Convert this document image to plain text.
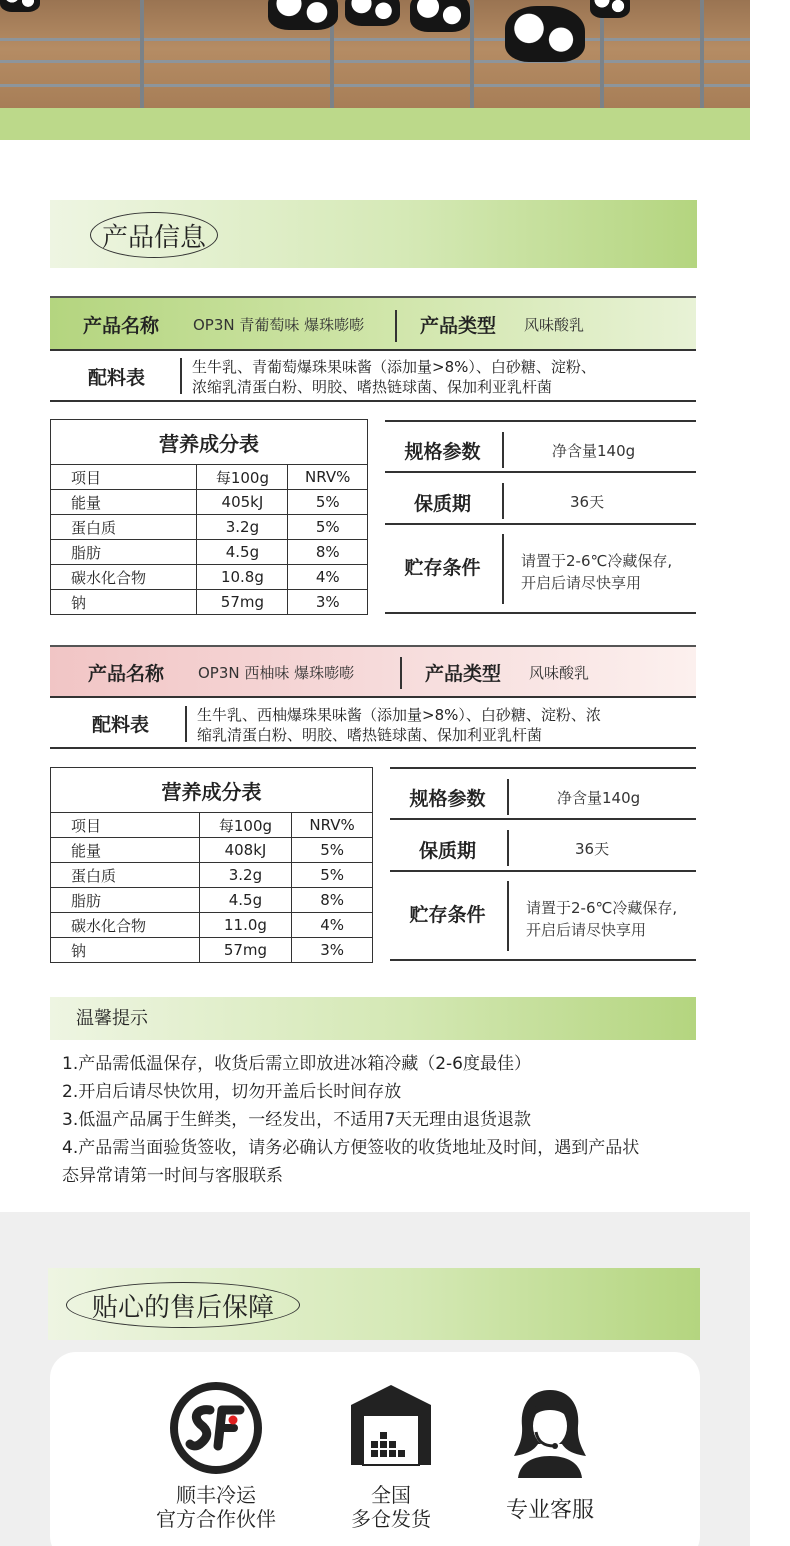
产品信息
产品名称 OP3N 青葡萄味 爆珠嘭嘭	产品类型 风味酸乳
配料表	生牛乳、青葡萄爆珠果味酱（添加量>8%）、白砂糖、淀粉、
浓缩乳清蛋白粉、明胶、嗜热链球菌、保加利亚乳杆菌
营养成分表		
项目	每100g	NRV%
能量	405kJ	5%
蛋白质	3.2g	5%
脂肪	4.5g	8%
碳水化合物	10.8g	4%
钠	57mg	3%
规格参数	净含量140g
保质期	36天
贮存条件	请置于2-6℃冷藏保存,
开启后请尽快享用
产品名称 OP3N 西柚味 爆珠嘭嘭	产品类型 风味酸乳
配料表	生牛乳、西柚爆珠果味酱（添加量>8%）、白砂糖、淀粉、浓
缩乳清蛋白粉、明胶、嗜热链球菌、保加利亚乳杆菌
营养成分表		
项目	每100g	NRV%
能量	408kJ	5%
蛋白质	3.2g	5%
脂肪	4.5g	8%
碳水化合物	11.0g	4%
钠	57mg	3%
规格参数	净含量140g
保质期	36天
贮存条件	请置于2-6℃冷藏保存,
开启后请尽快享用
温馨提示
1.产品需低温保存，收货后需立即放进冰箱冷藏（2-6度最佳）
2.开启后请尽快饮用，切勿开盖后长时间存放
3.低温产品属于生鲜类，一经发出，不适用7天无理由退货退款
4.产品需当面验货签收，请务必确认方便签收的收货地址及时间，遇到产品状
态异常请第一时间与客服联系
贴心的售后保障
顺丰冷运
官方合作伙伴
全国
多仓发货	专业客服
